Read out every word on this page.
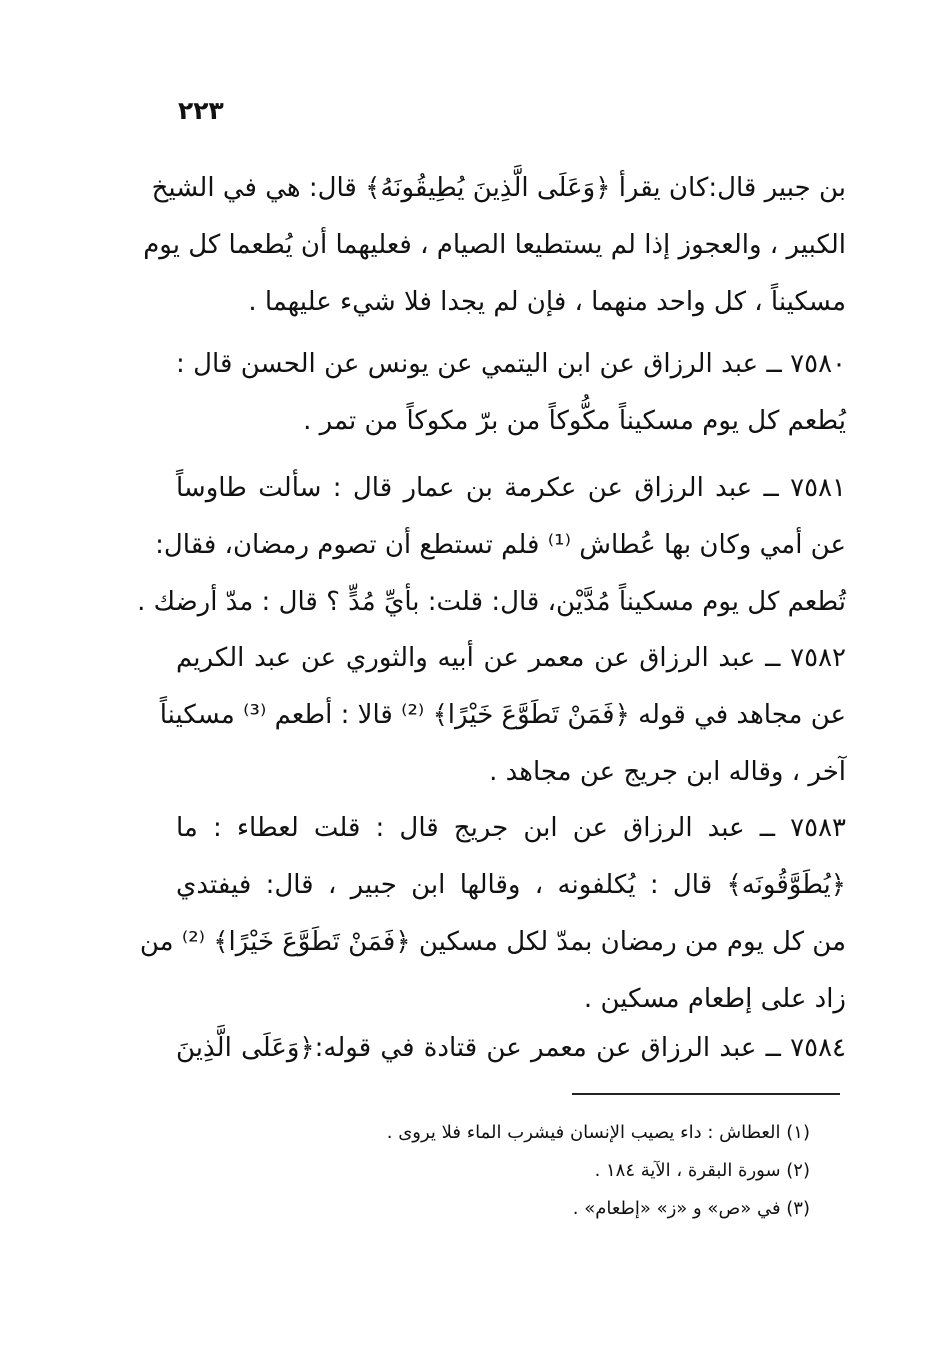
٢٢٣
بن جبير قال:كان يقرأ ﴿وَعَلَى الَّذِينَ يُطِيقُونَهُ﴾ قال: هي في الشيخ
الكبير ، والعجوز إذا لم يستطيعا الصيام ، فعليهما أن يُطعما كل يوم
مسكيناً ، كل واحد منهما ، فإن لم يجدا فلا شيء عليهما .
٧٥٨٠ ــ عبد الرزاق عن ابن اليتمي عن يونس عن الحسن قال :
يُطعم كل يوم مسكيناً مكُّوكاً من برّ مكوكاً من تمر .
٧٥٨١ ــ عبد الرزاق عن عكرمة بن عمار قال : سألت طاوساً
عن أمي وكان بها عُطاش ⁽¹⁾ فلم تستطع أن تصوم رمضان، فقال:
تُطعم كل يوم مسكيناً مُدَّيْن، قال: قلت: بأيِّ مُدٍّ ؟ قال : مدّ أرضك .
٧٥٨٢ ــ عبد الرزاق عن معمر عن أبيه والثوري عن عبد الكريم
عن مجاهد في قوله ﴿فَمَنْ تَطَوَّعَ خَيْرًا﴾ ⁽²⁾ قالا : أطعم ⁽³⁾ مسكيناً
آخر ، وقاله ابن جريج عن مجاهد .
٧٥٨٣ ــ عبد الرزاق عن ابن جريج قال : قلت لعطاء : ما
﴿يُطَوَّقُونَه﴾ قال : يُكلفونه ، وقالها ابن جبير ، قال: فيفتدي
من كل يوم من رمضان بمدّ لكل مسكين ﴿فَمَنْ تَطَوَّعَ خَيْرًا﴾ ⁽²⁾ من
زاد على إطعام مسكين .
٧٥٨٤ ــ عبد الرزاق عن معمر عن قتادة في قوله:﴿وَعَلَى الَّذِينَ
(١) العطاش : داء يصيب الإنسان فيشرب الماء فلا يروى .
(٢) سورة البقرة ، الآية ١٨٤ .
(٣) في «ص» و «ز» «إطعام» .
